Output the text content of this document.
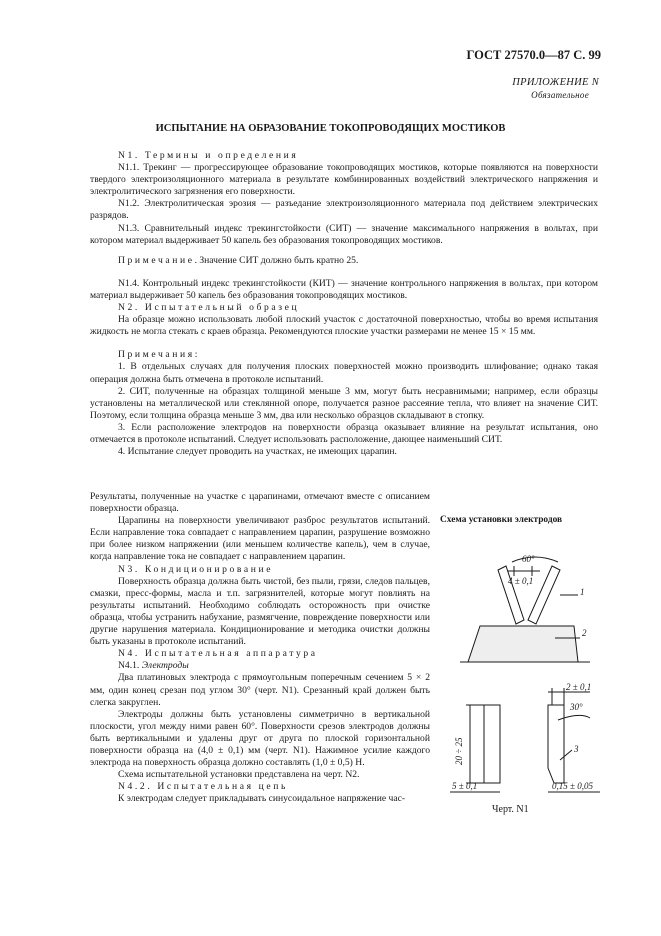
ГОСТ 27570.0—87 С. 99
ПРИЛОЖЕНИЕ N
Обязательное
ИСПЫТАНИЕ НА ОБРАЗОВАНИЕ ТОКОПРОВОДЯЩИХ МОСТИКОВ

N1. Термины и определения

N1.1. Трекинг — прогрессирующее образование токопроводящих мостиков, которые появляются на поверхности твердого электроизоляционного материала в результате комбинированных воздействий электрического напряжения и электролитического загрязнения его поверхности.

N1.2. Электролитическая эрозия — разъедание электроизоляционного материала под действием электрических разрядов.

N1.3. Сравнительный индекс трекингстойкости (СИТ) — значение максимального напряжения в вольтах, при котором материал выдерживает 50 капель без образования токопроводящих мостиков.

Примечание. Значение СИТ должно быть кратно 25.

N1.4. Контрольный индекс трекингстойкости (КИТ) — значение контрольного напряжения в вольтах, при котором материал выдерживает 50 капель без образования токопроводящих мостиков.

N2. Испытательный образец

На образце можно использовать любой плоский участок с достаточной поверхностью, чтобы во время испытания жидкость не могла стекать с краев образца. Рекомендуются плоские участки размерами не менее 15 × 15 мм.

Примечания:

1. В отдельных случаях для получения плоских поверхностей можно производить шлифование; однако такая операция должна быть отмечена в протоколе испытаний.

2. СИТ, полученные на образцах толщиной меньше 3 мм, могут быть несравнимыми; например, если образцы установлены на металлической или стеклянной опоре, получается разное рассеяние тепла, что влияет на значение СИТ. Поэтому, если толщина образца меньше 3 мм, два или несколько образцов складывают в стопку.

3. Если расположение электродов на поверхности образца оказывает влияние на результат испытания, оно отмечается в протоколе испытаний. Следует использовать расположение, дающее наименьший СИТ.

4. Испытание следует проводить на участках, не имеющих царапин.

Результаты, полученные на участке с царапинами, отмечают вместе с описанием поверхности образца.

Царапины на поверхности увеличивают разброс результатов испытаний. Если направление тока совпадает с направлением царапин, разрушение возможно при более низком напряжении (или меньшем количестве капель), чем в случае, когда направление тока не совпадает с направлением царапин.

N3. Кондиционирование

Поверхность образца должна быть чистой, без пыли, грязи, следов пальцев, смазки, пресс-формы, масла и т.п. загрязнителей, которые могут повлиять на результаты испытаний. Необходимо соблюдать осторожность при очистке образца, чтобы устранить набухание, размягчение, повреждение поверхности или другие нарушения материала. Кондиционирование и методика очистки должны быть указаны в протоколе испытаний.

N4. Испытательная аппаратура

N4.1. Электроды

Два платиновых электрода с прямоугольным поперечным сечением 5 × 2 мм, один конец срезан под углом 30° (черт. N1). Срезанный край должен быть слегка закруглен.

Электроды должны быть установлены симметрично в вертикальной плоскости, угол между ними равен 60°. Поверхности срезов электродов должны быть вертикальными и удалены друг от друга по плоской горизонтальной поверхности образца на (4,0 ± 0,1) мм (черт. N1). Нажимное усилие каждого электрода на поверхность образца должно составлять (1,0 ± 0,5) Н.

Схема испытательной установки представлена на черт. N2.

N4.2. Испытательная цепь

К электродам следует прикладывать синусоидальное напряжение час-

Схема установки электродов
60°
4 ± 0,1
1
2
2 ± 0,1
30°
3
20 ÷ 25
5 ± 0,1	0,15 ± 0,05
Черт. N1
